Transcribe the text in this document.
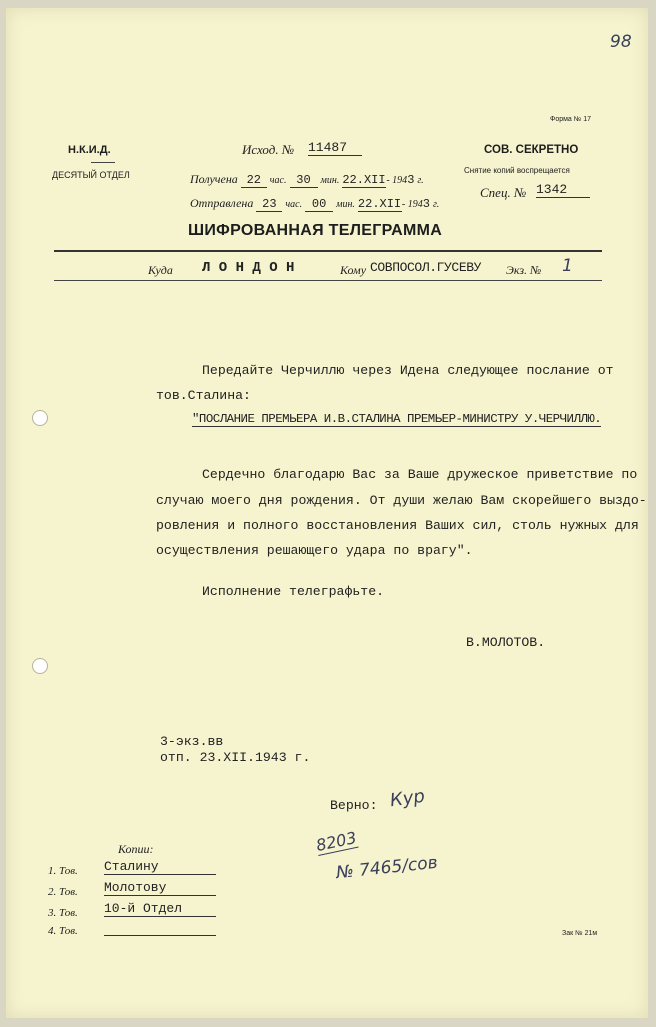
98
Форма № 17
Н.К.И.Д.
ДЕСЯТЫЙ ОТДЕЛ
Исход. № 11487	СОВ. СЕКРЕТНО
Снятие копий воспрещается
Спец. № 1342
Получена 22 час. 30 мин. 22.XII- 1943 г.
Отправлена 23 час. 00 мин. 22.XII- 1943 г.
ШИФРОВАННАЯ ТЕЛЕГРАММА
Куда Л О Н Д О Н	Кому СОВПОСОЛ.ГУСЕВУ Экз. № 1
Передайте Черчиллю через Идена следующее послание от
тов.Сталина:
"ПОСЛАНИЕ ПРЕМЬЕРА И.В.СТАЛИНА ПРЕМЬЕР-МИНИСТРУ У.ЧЕРЧИЛЛЮ.
Сердечно благодарю Вас за Ваше дружеское приветствие по
случаю моего дня рождения. От души желаю Вам скорейшего выздо-
ровления и полного восстановления Ваших сил, столь нужных для
осуществления решающего удара по врагу".
Исполнение телеграфьте.
В.МОЛОТОВ.
3-экз.вв
отп. 23.XII.1943 г.
Верно: Кур
8203
№ 7465/сов
Копии:
1. Тов. Сталину
2. Тов. Молотову
3. Тов. 10-й Отдел
4. Тов.	Зак № 21м
